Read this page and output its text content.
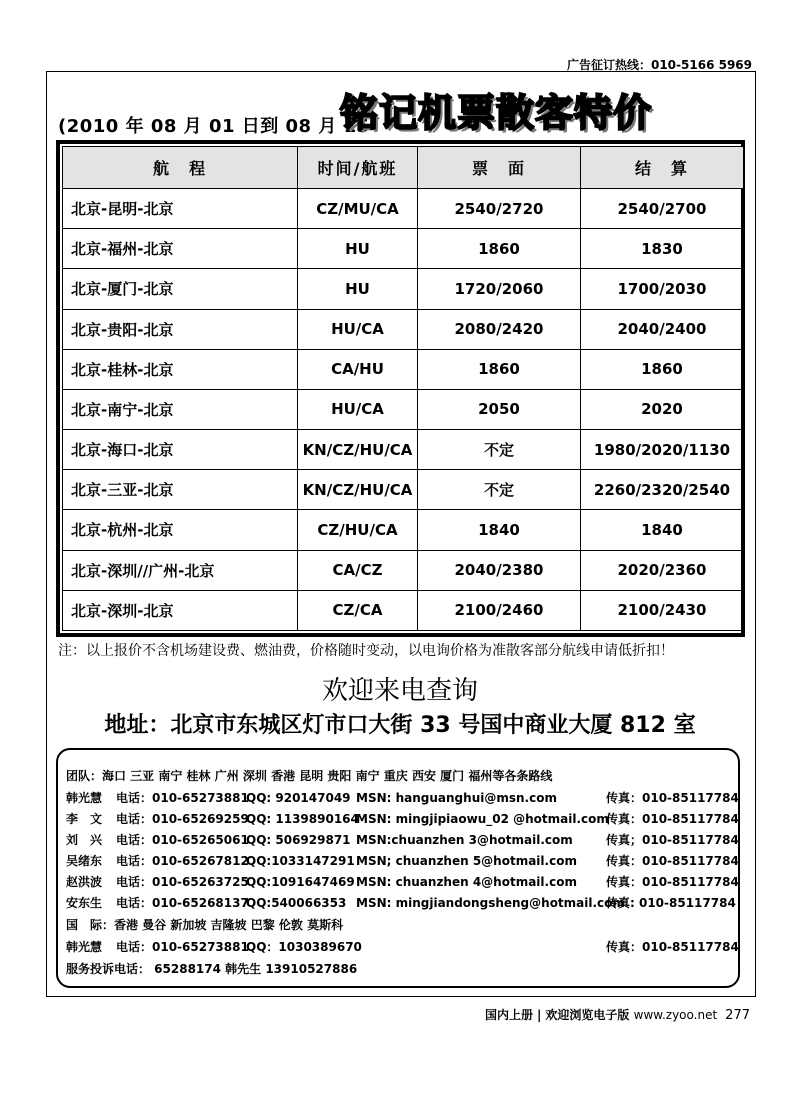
广告征订热线：010-5166 5969
(2010 年 08 月 01 日到 08 月 15
铭记机票散客特价
航　程	时间/航班	票　面	结　算
北京-昆明-北京	CZ/MU/CA	2540/2720	2540/2700
北京-福州-北京	HU	1860	1830
北京-厦门-北京	HU	1720/2060	1700/2030
北京-贵阳-北京	HU/CA	2080/2420	2040/2400
北京-桂林-北京	CA/HU	1860	1860
北京-南宁-北京	HU/CA	2050	2020
北京-海口-北京	KN/CZ/HU/CA	不定	1980/2020/1130
北京-三亚-北京	KN/CZ/HU/CA	不定	2260/2320/2540
北京-杭州-北京	CZ/HU/CA	1840	1840
北京-深圳//广州-北京	CA/CZ	2040/2380	2020/2360
北京-深圳-北京	CZ/CA	2100/2460	2100/2430
注：以上报价不含机场建设费、燃油费，价格随时变动，以电询价格为准散客部分航线申请低折扣！
欢迎来电查询
地址：北京市东城区灯市口大街 33 号国中商业大厦 812 室
团队：海口 三亚 南宁 桂林 广州 深圳 香港 昆明 贵阳 南宁 重庆 西安 厦门 福州等各条路线
韩光慧 电话：010-65273881QQ: 920147049 MSN: hanguanghui@msn.com	传真：010-85117784
李　文 电话：010-65269259QQ: 1139890164MSN: mingjipiaowu_02 @hotmail.com传真：010-85117784
刘　兴 电话：010-65265061QQ: 506929871 MSN:chuanzhen 3@hotmail.com	传真；010-85117784
吴绪东 电话：010-65267812QQ:1033147291MSN; chuanzhen 5@hotmail.com 传真：010-85117784
赵洪波 电话：010-65263725QQ:1091647469MSN: chuanzhen 4@hotmail.com 传真：010-85117784
安东生 电话：010-65268137QQ:540066353 MSN: mingjiandongsheng@hotmail.com传真: 010-85117784
国　际：香港 曼谷 新加坡 吉隆坡 巴黎 伦敦 莫斯科
韩光慧 电话：010-65273881QQ：1030389670	传真：010-85117784
服务投诉电话： 65288174 韩先生 13910527886
国内上册 | 欢迎浏览电子版 www.zyoo.net 277
